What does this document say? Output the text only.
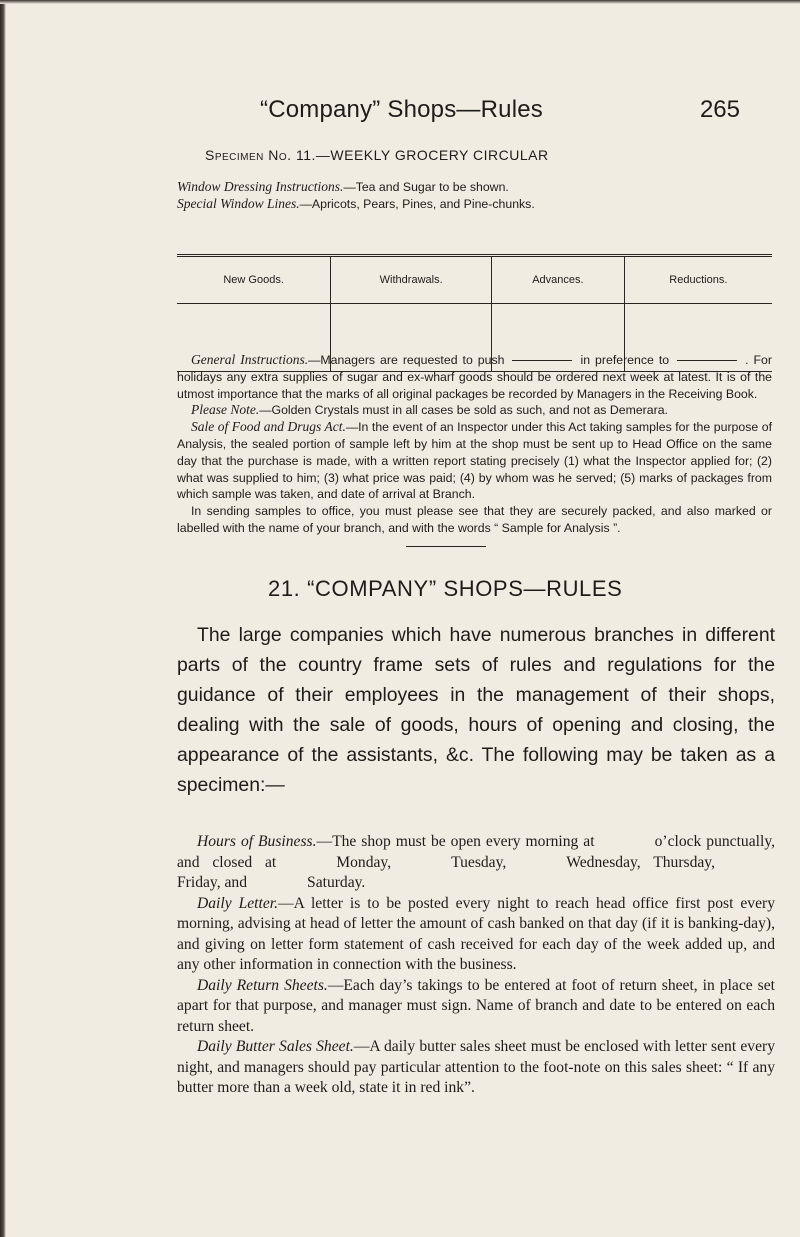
“Company” Shops—Rules	265
Specimen No. 11.—WEEKLY GROCERY CIRCULAR

Window Dressing Instructions.—Tea and Sugar to be shown.

Special Window Lines.—Apricots, Pears, Pines, and Pine-chunks.

New Goods.	Withdrawals.	Advances.	Reductions.

General Instructions.—Managers are requested to push	in preference to	. For holidays any extra supplies of sugar and ex-wharf goods should be ordered next week at latest. It is of the utmost importance that the marks of all original packages be recorded by Managers in the Receiving Book.

Please Note.—Golden Crystals must in all cases be sold as such, and not as Demerara.

Sale of Food and Drugs Act.—In the event of an Inspector under this Act taking samples for the purpose of Analysis, the sealed portion of sample left by him at the shop must be sent up to Head Office on the same day that the purchase is made, with a written report stating precisely (1) what the Inspector applied for; (2) what was supplied to him; (3) what price was paid; (4) by whom was he served; (5) marks of packages from which sample was taken, and date of arrival at Branch.

In sending samples to office, you must please see that they are securely packed, and also marked or labelled with the name of your branch, and with the words “ Sample for Analysis ”.

21. “COMPANY” SHOPS—RULES

The large companies which have numerous branches in different parts of the country frame sets of rules and regulations for the guidance of their employees in the management of their shops, dealing with the sale of goods, hours of opening and closing, the appearance of the assistants, &c. The following may be taken as a specimen:—

Hours of Business.—The shop must be open every morning at	o’clock punctually, and closed at	Monday,	Tuesday,	Wednesday, Thursday,Friday, and	Saturday.

Daily Letter.—A letter is to be posted every night to reach head office first post every morning, advising at head of letter the amount of cash banked on that day (if it is banking-day), and giving on letter form statement of cash received for each day of the week added up, and any other information in connection with the business.

Daily Return Sheets.—Each day’s takings to be entered at foot of return sheet, in place set apart for that purpose, and manager must sign. Name of branch and date to be entered on each return sheet.

Daily Butter Sales Sheet.—A daily butter sales sheet must be enclosed with letter sent every night, and managers should pay particular attention to the foot-note on this sales sheet: “ If any butter more than a week old, state it in red ink”.
